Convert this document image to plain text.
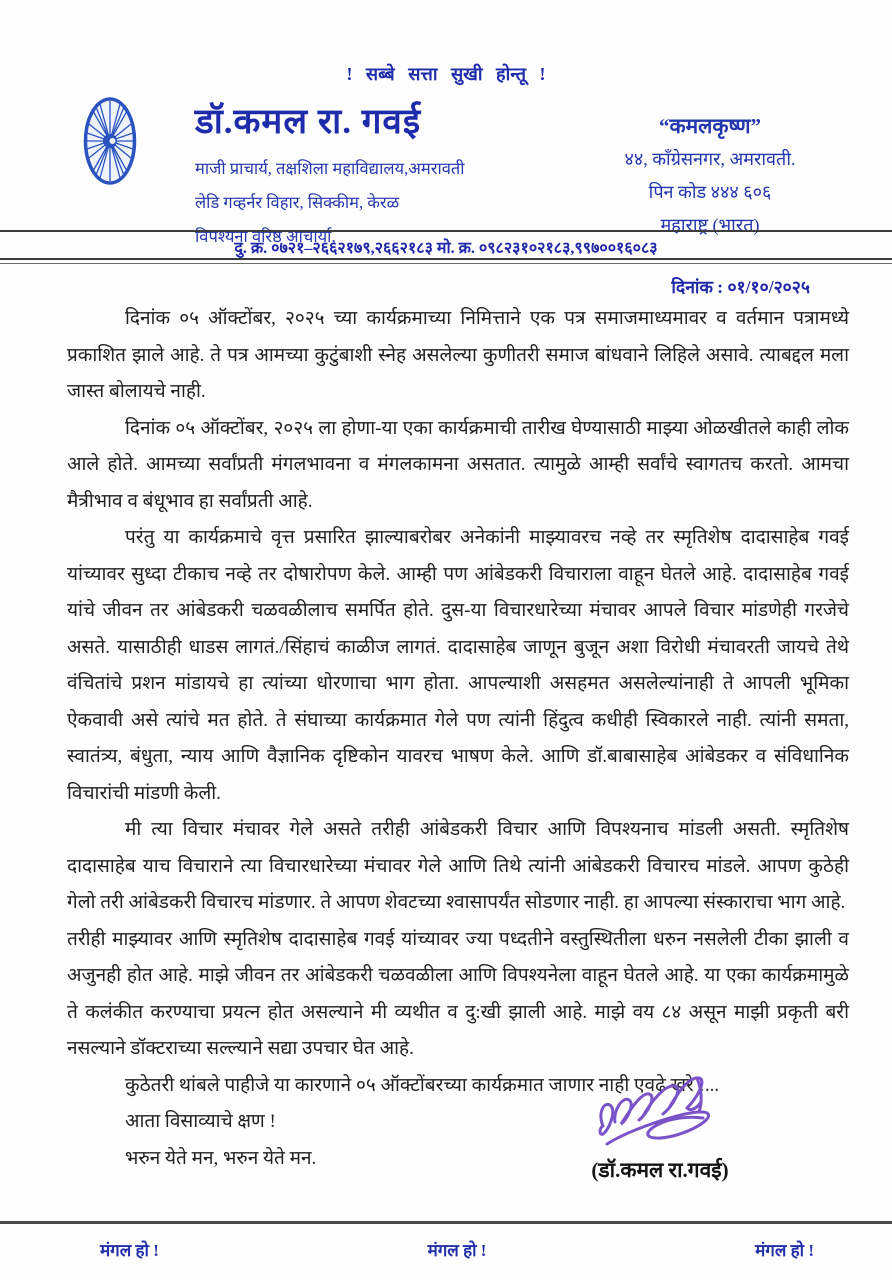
! सब्बे सत्ता सुखी होन्तू !
डॉ.कमल रा. गवई
माजी प्राचार्य, तक्षशिला महाविद्यालय,अमरावती
लेडि गव्हर्नर विहार, सिक्कीम, केरळ
विपश्यना वरिष्ठ आचार्या,
“कमलकृष्ण”
४४, कॉंग्रेसनगर, अमरावती.
पिन कोड ४४४ ६०६
महाराष्ट्र (भारत)
दु. क्र. ०७२१–२६६२१७९,२६६२१८३ मो. क्र. ०९८२३१०२१८३,९९७००१६०८३
दिनांक : ०१/१०/२०२५

दिनांक ०५ ऑक्टोंबर, २०२५ च्या कार्यक्रमाच्या निमित्ताने एक पत्र समाजमाध्यमावर व वर्तमान पत्रामध्ये प्रकाशित झाले आहे. ते पत्र आमच्या कुटुंबाशी स्नेह असलेल्या कुणीतरी समाज बांधवाने लिहिले असावे. त्याबद्दल मला जास्त बोलायचे नाही.

दिनांक ०५ ऑक्टोंबर, २०२५ ला होणा-या एका कार्यक्रमाची तारीख घेण्यासाठी माझ्या ओळखीतले काही लोक आले होते. आमच्या सर्वांप्रती मंगलभावना व मंगलकामना असतात. त्यामुळे आम्ही सर्वांचे स्वागतच करतो. आमचा मैत्रीभाव व बंधूभाव हा सर्वांप्रती आहे.

परंतु या कार्यक्रमाचे वृत्त प्रसारित झाल्याबरोबर अनेकांनी माझ्यावरच नव्हे तर स्मृतिशेष दादासाहेब गवई यांच्यावर सुध्दा टीकाच नव्हे तर दोषारोपण केले. आम्ही पण आंबेडकरी विचाराला वाहून घेतले आहे. दादासाहेब गवई यांचे जीवन तर आंबेडकरी चळवळीलाच समर्पित होते. दुस-या विचारधारेच्या मंचावर आपले विचार मांडणेही गरजेचे असते. यासाठीही धाडस लागतं./सिंहाचं काळीज लागतं. दादासाहेब जाणून बुजून अशा विरोधी मंचावरती जायचे तेथे वंचितांचे प्रशन मांडायचे हा त्यांच्या धोरणाचा भाग होता. आपल्याशी असहमत असलेल्यांनाही ते आपली भूमिका ऐकवावी असे त्यांचे मत होते. ते संघाच्या कार्यक्रमात गेले पण त्यांनी हिंदुत्व कधीही स्विकारले नाही. त्यांनी समता, स्वातंत्र्य, बंधुता, न्याय आणि वैज्ञानिक दृष्टिकोन यावरच भाषण केले. आणि डॉ.बाबासाहेब आंबेडकर व संविधानिक विचारांची मांडणी केली.

मी त्या विचार मंचावर गेले असते तरीही आंबेडकरी विचार आणि विपश्यनाच मांडली असती. स्मृतिशेष दादासाहेब याच विचाराने त्या विचारधारेच्या मंचावर गेले आणि तिथे त्यांनी आंबेडकरी विचारच मांडले. आपण कुठेही गेलो तरी आंबेडकरी विचारच मांडणार. ते आपण शेवटच्या श्वासापर्यंत सोडणार नाही. हा आपल्या संस्काराचा भाग आहे.

तरीही माझ्यावर आणि स्मृतिशेष दादासाहेब गवई यांच्यावर ज्या पध्दतीने वस्तुस्थितीला धरुन नसलेली टीका झाली व अजुनही होत आहे. माझे जीवन तर आंबेडकरी चळवळीला आणि विपश्यनेला वाहून घेतले आहे. या एका कार्यक्रमामुळे ते कलंकीत करण्याचा प्रयत्न होत असल्याने मी व्यथीत व दु:खी झाली आहे. माझे वय ८४ असून माझी प्रकृती बरी नसल्याने डॉक्टराच्या सल्ल्याने सद्या उपचार घेत आहे.

कुठेतरी थांबले पाहीजे या कारणाने ०५ ऑक्टोंबरच्या कार्यक्रमात जाणार नाही एवढे खरे !...

आता विसाव्याचे क्षण !

भरुन येते मन, भरुन येते मन.	(डॉ.कमल रा.गवई)
मंगल हो !	मंगल हो !	मंगल हो !
